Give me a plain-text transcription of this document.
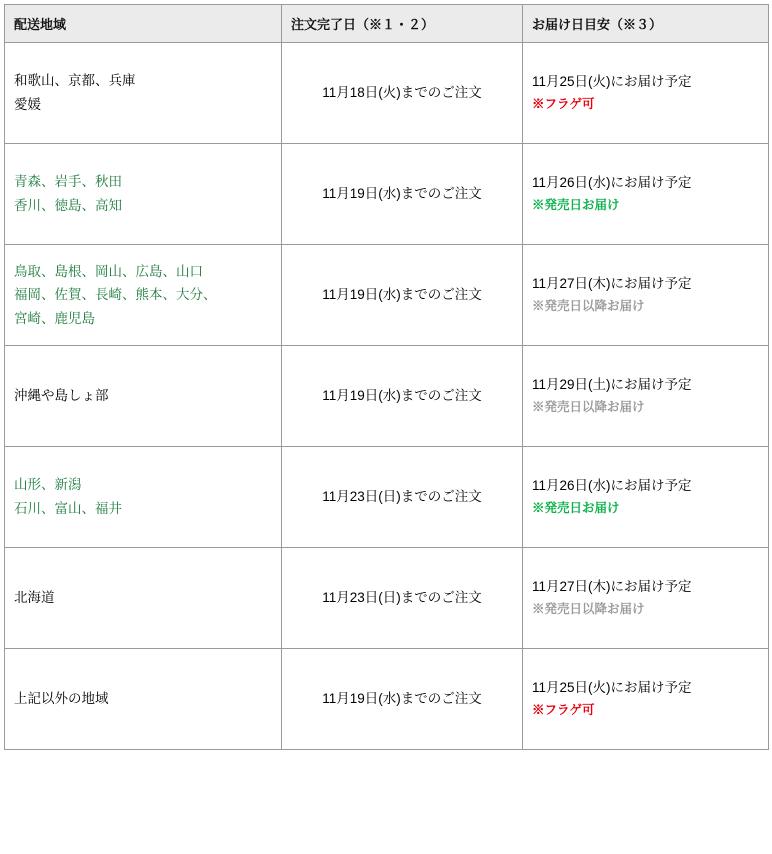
配送地域	注文完了日（※１・２）	お届け日目安（※３）

和歌山、京都、兵庫
愛媛	11月18日(火)までのご注文	11月25日(火)にお届け予定
※フラゲ可

青森、岩手、秋田
香川、徳島、高知	11月19日(水)までのご注文	11月26日(水)にお届け予定
※発売日お届け

鳥取、島根、岡山、広島、山口
福岡、佐賀、長崎、熊本、大分、
宮崎、鹿児島	11月19日(水)までのご注文	11月27日(木)にお届け予定
※発売日以降お届け

沖縄や島しょ部	11月19日(水)までのご注文	11月29日(土)にお届け予定
※発売日以降お届け

山形、新潟
石川、富山、福井	11月23日(日)までのご注文	11月26日(水)にお届け予定
※発売日お届け

北海道	11月23日(日)までのご注文	11月27日(木)にお届け予定
※発売日以降お届け

上記以外の地域	11月19日(水)までのご注文	11月25日(火)にお届け予定
※フラゲ可
